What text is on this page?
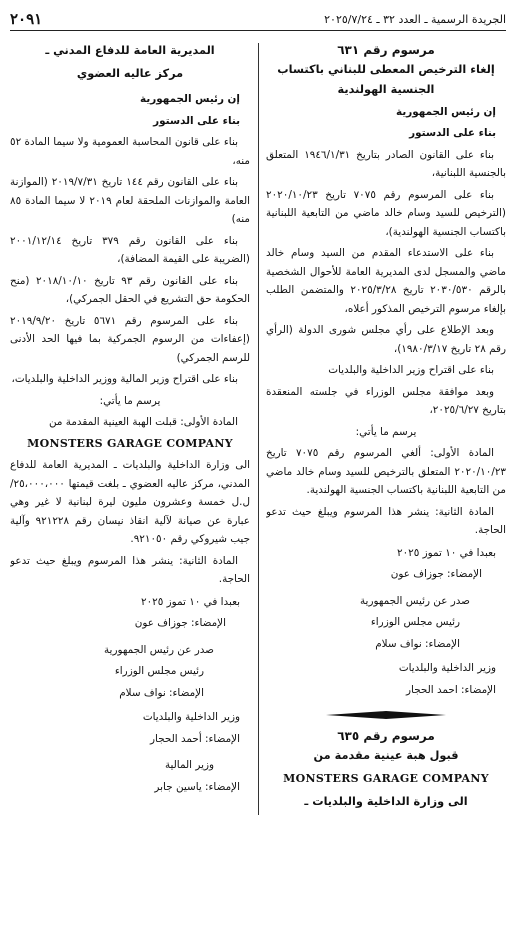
الجريدة الرسمية ـ العدد ٣٢ ـ ٢٠٢٥/٧/٢٤
٢٠٩١
مرسوم رقم ٦٣١

إلغاء الترخيص المعطى للبناني باكتساب الجنسية الهولندية

إن رئيس الجمهورية

بناء على الدستور

بناء على القانون الصادر بتاريخ ١٩٤٦/١/٣١ المتعلق بالجنسية اللبنانية،

بناء على المرسوم رقم ٧٠٧٥ تاريخ ٢٠٢٠/١٠/٢٣ (الترخيص للسيد وسام خالد ماضي من التابعية اللبنانية باكتساب الجنسية الهولندية)،

بناء على الاستدعاء المقدم من السيد وسام خالد ماضي والمسجل لدى المديرية العامة للأحوال الشخصية بالرقم ٢٠٣٠/٥٣٠ تاريخ ٢٠٢٥/٣/٢٨ والمتضمن الطلب بإلغاء مرسوم الترخيص المذكور أعلاه،

وبعد الإطلاع على رأي مجلس شورى الدولة (الرأي رقم ٢٨ تاريخ ١٩٨٠/٣/١٧)،

بناء على اقتراح وزير الداخلية والبلديات

وبعد موافقة مجلس الوزراء في جلسته المنعقدة بتاريخ ٢٠٢٥/٦/٢٧،

يرسم ما يأتي:

المادة الأولى: ألغي المرسوم رقم ٧٠٧٥ تاريخ ٢٠٢٠/١٠/٢٣ المتعلق بالترخيص للسيد وسام خالد ماضي من التابعية اللبنانية باكتساب الجنسية الهولندية.

المادة الثانية: ينشر هذا المرسوم ويبلغ حيث تدعو الحاجة.

بعبدا في ١٠ تموز ٢٠٢٥

الإمضاء: جوزاف عون

صدر عن رئيس الجمهورية

رئيس مجلس الوزراء

الإمضاء: نواف سلام

وزير الداخلية والبلديات

الإمضاء: احمد الحجار

مرسوم رقم ٦٣٥

قبول هبة عينية مقدمة من

MONSTERS GARAGE COMPANY

الى وزارة الداخلية والبلديات ـ

المديرية العامة للدفاع المدني ـ

مركز عاليه العضوي

إن رئيس الجمهورية

بناء على الدستور

بناء على قانون المحاسبة العمومية ولا سيما المادة ٥٢ منه،

بناء على القانون رقم ١٤٤ تاريخ ٢٠١٩/٧/٣١ (الموازنة العامة والموازنات الملحقة لعام ٢٠١٩ لا سيما المادة ٨٥ منه)

بناء على القانون رقم ٣٧٩ تاريخ ٢٠٠١/١٢/١٤ (الضريبة على القيمة المضافة)،

بناء على القانون رقم ٩٣ تاريخ ٢٠١٨/١٠/١٠ (منح الحكومة حق التشريع في الحقل الجمركي)،

بناء على المرسوم رقم ٥٦٧١ تاريخ ٢٠١٩/٩/٢٠ (إعفاءات من الرسوم الجمركية بما فيها الحد الأدنى للرسم الجمركي)

بناء على اقتراح وزير المالية ووزير الداخلية والبلديات،

يرسم ما يأتي:

المادة الأولى: قبلت الهبة العينية المقدمة من

MONSTERS GARAGE COMPANY

الى وزارة الداخلية والبلديات ـ المديرية العامة للدفاع المدني، مركز عاليه العضوي ـ بلغت قيمتها ٢٥،٠٠٠،٠٠٠/ ل.ل خمسة وعشرون مليون ليرة لبنانية لا غير وهي عبارة عن صيانة لآلية انقاذ نيسان رقم ٩٢١٢٢٨ وآلية جيب شيروكي رقم ٩٢١٠٥٠.

المادة الثانية: ينشر هذا المرسوم ويبلغ حيث تدعو الحاجة.

بعبدا في ١٠ تموز ٢٠٢٥

الإمضاء: جوزاف عون

صدر عن رئيس الجمهورية

رئيس مجلس الوزراء

الإمضاء: نواف سلام

وزير الداخلية والبلديات

الإمضاء: أحمد الحجار

وزير المالية

الإمضاء: ياسين جابر
